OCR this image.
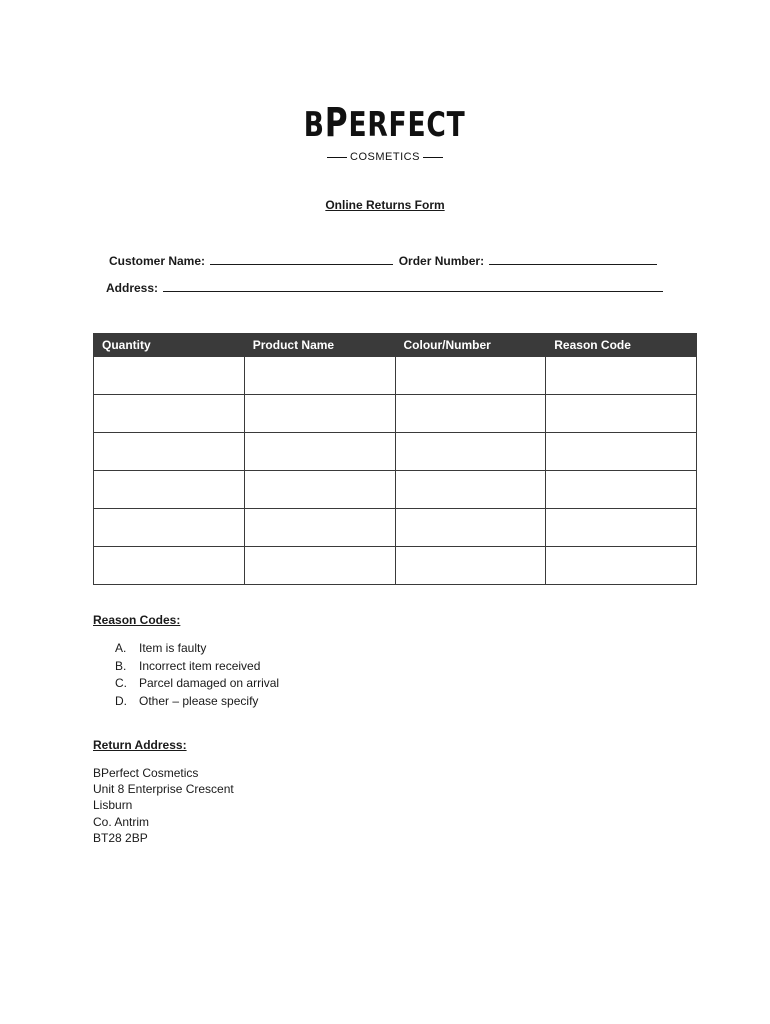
BPERFECT
COSMETICS
Online Returns Form
Customer Name:	Order Number:
Address:
Quantity	Product Name	Colour/Number	Reason Code

Reason Codes:
A.	Item is faulty
B.	Incorrect item received
C.	Parcel damaged on arrival
D.	Other – please specify
Return Address:
BPerfect Cosmetics
Unit 8 Enterprise Crescent
Lisburn
Co. Antrim
BT28 2BP
